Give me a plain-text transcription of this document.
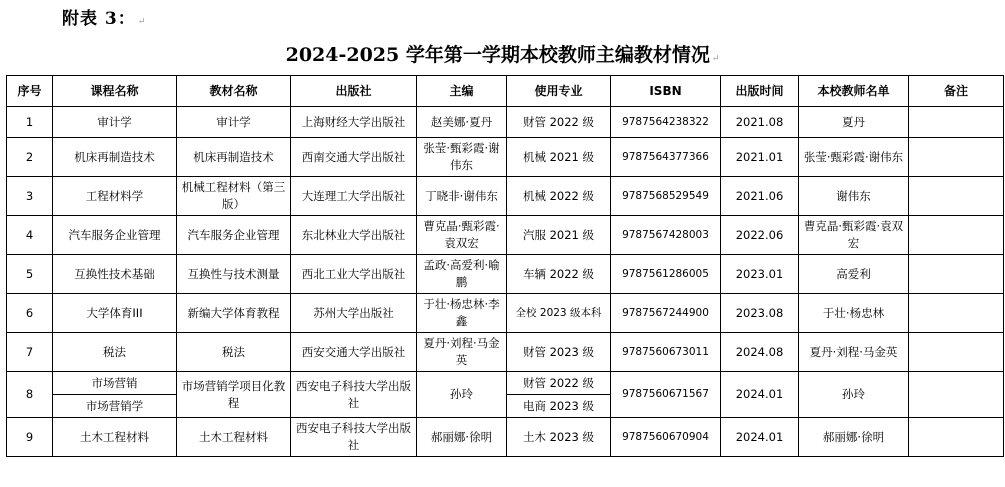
附表 3： ↵
2024-2025 学年第一学期本校教师主编教材情况 ↵
序号	课程名称	教材名称	出版社	主编	使用专业	ISBN	出版时间	本校教师名单	备注
1	审计学	审计学	上海财经大学出版社	赵美娜·夏丹	财管 2022 级	9787564238322	2021.08	夏丹	
2	机床再制造技术	机床再制造技术	西南交通大学出版社	张莹·甄彩霞·谢伟东	机械 2021 级	9787564377366	2021.01	张莹·甄彩霞·谢伟东	
3	工程材料学	机械工程材料（第三版）	大连理工大学出版社	丁晓非·谢伟东	机械 2022 级	9787568529549	2021.06	谢伟东	
4	汽车服务企业管理	汽车服务企业管理	东北林业大学出版社	曹克晶·甄彩霞·袁双宏	汽服 2021 级	9787567428003	2022.06	曹克晶·甄彩霞·袁双宏	
5	互换性技术基础	互换性与技术测量	西北工业大学出版社	孟政·高爱利·喻鹏	车辆 2022 级	9787561286005	2023.01	高爱利	
6	大学体育III	新编大学体育教程	苏州大学出版社	于壮·杨忠林·李鑫	全校 2023 级本科	9787567244900	2023.08	于壮·杨忠林	
7	税法	税法	西安交通大学出版社	夏丹·刘程·马金英	财管 2023 级	9787560673011	2024.08	夏丹·刘程·马金英	
8	市场营销	市场营销学项目化教程	西安电子科技大学出版社	孙玲	财管 2022 级	9787560671567	2024.01	孙玲	
	市场营销学				电商 2023 级				
9	土木工程材料	土木工程材料	西安电子科技大学出版社	郝丽娜·徐明	土木 2023 级	9787560670904	2024.01	郝丽娜·徐明	
